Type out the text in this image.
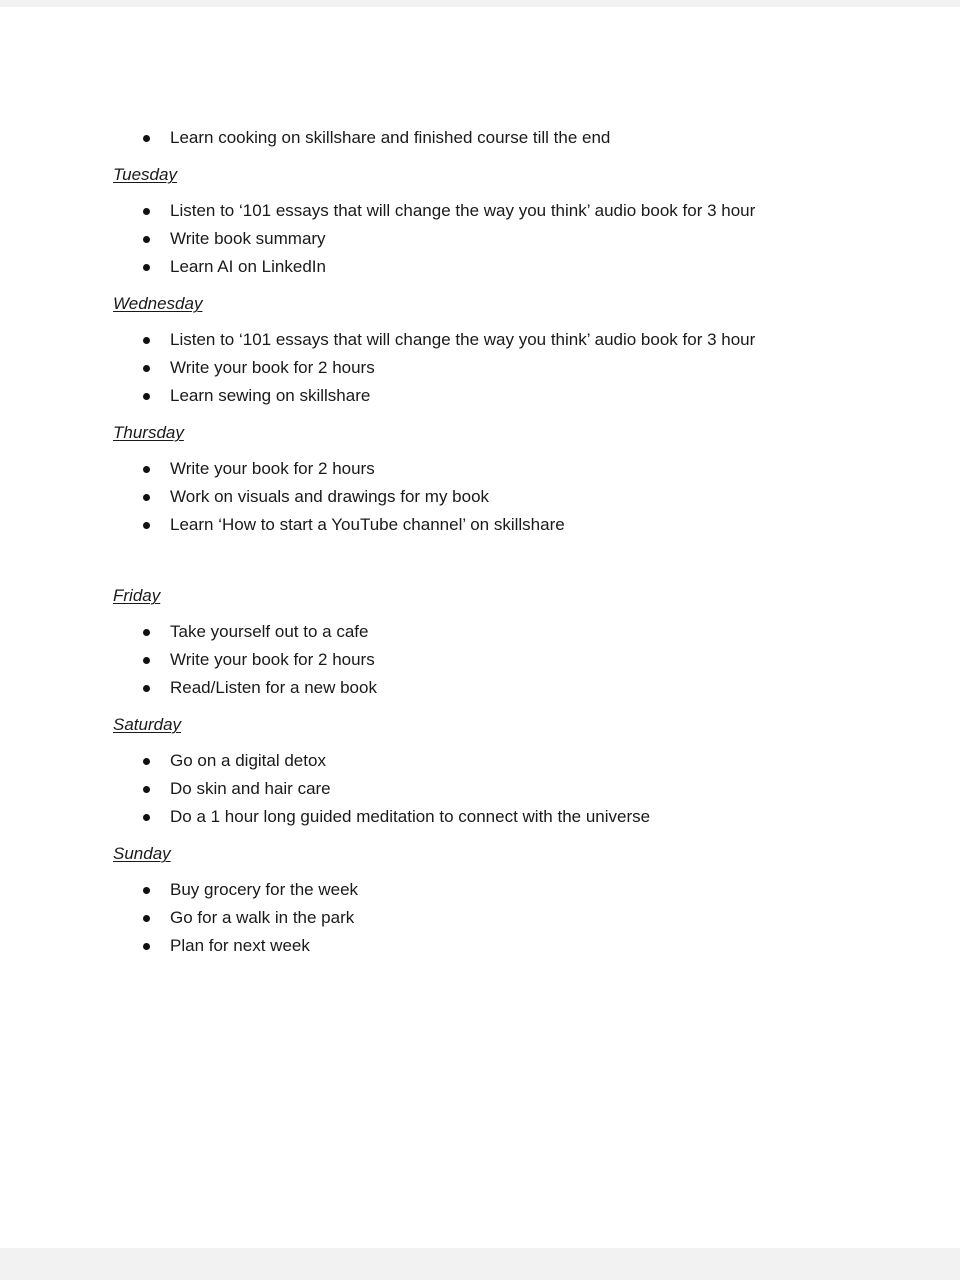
Learn cooking on skillshare and finished course till the end
Tuesday
Listen to ‘101 essays that will change the way you think’ audio book for 3 hour
Write book summary
Learn AI on LinkedIn
Wednesday
Listen to ‘101 essays that will change the way you think’ audio book for 3 hour
Write your book for 2 hours
Learn sewing on skillshare
Thursday
Write your book for 2 hours
Work on visuals and drawings for my book
Learn ‘How to start a YouTube channel’ on skillshare
Friday
Take yourself out to a cafe
Write your book for 2 hours
Read/Listen for a new book
Saturday
Go on a digital detox
Do skin and hair care
Do a 1 hour long guided meditation to connect with the universe
Sunday
Buy grocery for the week
Go for a walk in the park
Plan for next week
